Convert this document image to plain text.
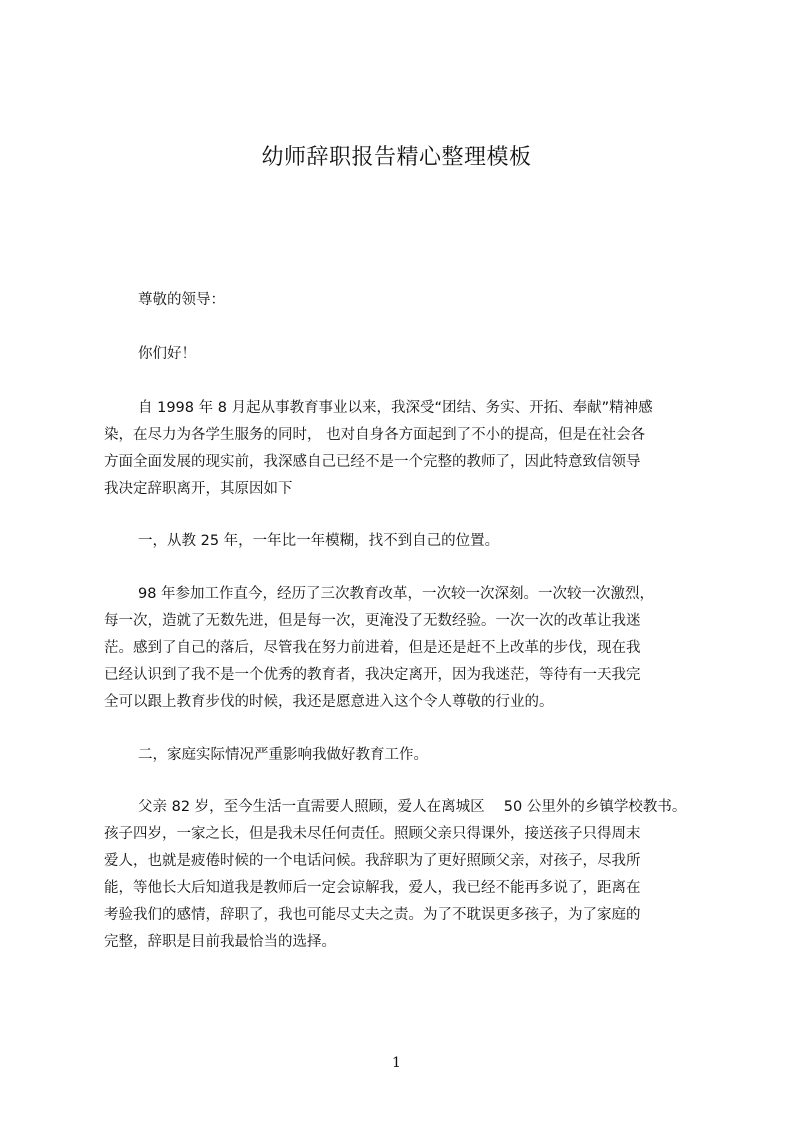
幼师辞职报告精心整理模板
尊敬的领导：
你们好！
自 1998 年 8 月起从事教育事业以来，我深受“团结、务实、开拓、奉献”精神感
染，在尽力为各学生服务的同时， 也对自身各方面起到了不小的提高，但是在社会各
方面全面发展的现实前，我深感自己已经不是一个完整的教师了，因此特意致信领导
我决定辞职离开，其原因如下
一，从教 25 年，一年比一年模糊，找不到自己的位置。
98 年参加工作直今，经历了三次教育改革，一次较一次深刻。一次较一次激烈，
每一次，造就了无数先进，但是每一次，更淹没了无数经验。一次一次的改革让我迷
茫。感到了自己的落后，尽管我在努力前进着，但是还是赶不上改革的步伐，现在我
已经认识到了我不是一个优秀的教育者，我决定离开，因为我迷茫，等待有一天我完
全可以跟上教育步伐的时候，我还是愿意进入这个令人尊敬的行业的。
二，家庭实际情况严重影响我做好教育工作。
父亲 82 岁，至今生活一直需要人照顾，爱人在离城区　 50 公里外的乡镇学校教书。
孩子四岁，一家之长，但是我未尽任何责任。照顾父亲只得课外，接送孩子只得周末
爱人，也就是疲倦时候的一个电话问候。我辞职为了更好照顾父亲，对孩子，尽我所
能，等他长大后知道我是教师后一定会谅解我，爱人，我已经不能再多说了，距离在
考验我们的感情，辞职了，我也可能尽丈夫之责。为了不耽误更多孩子，为了家庭的
完整，辞职是目前我最恰当的选择。
1
